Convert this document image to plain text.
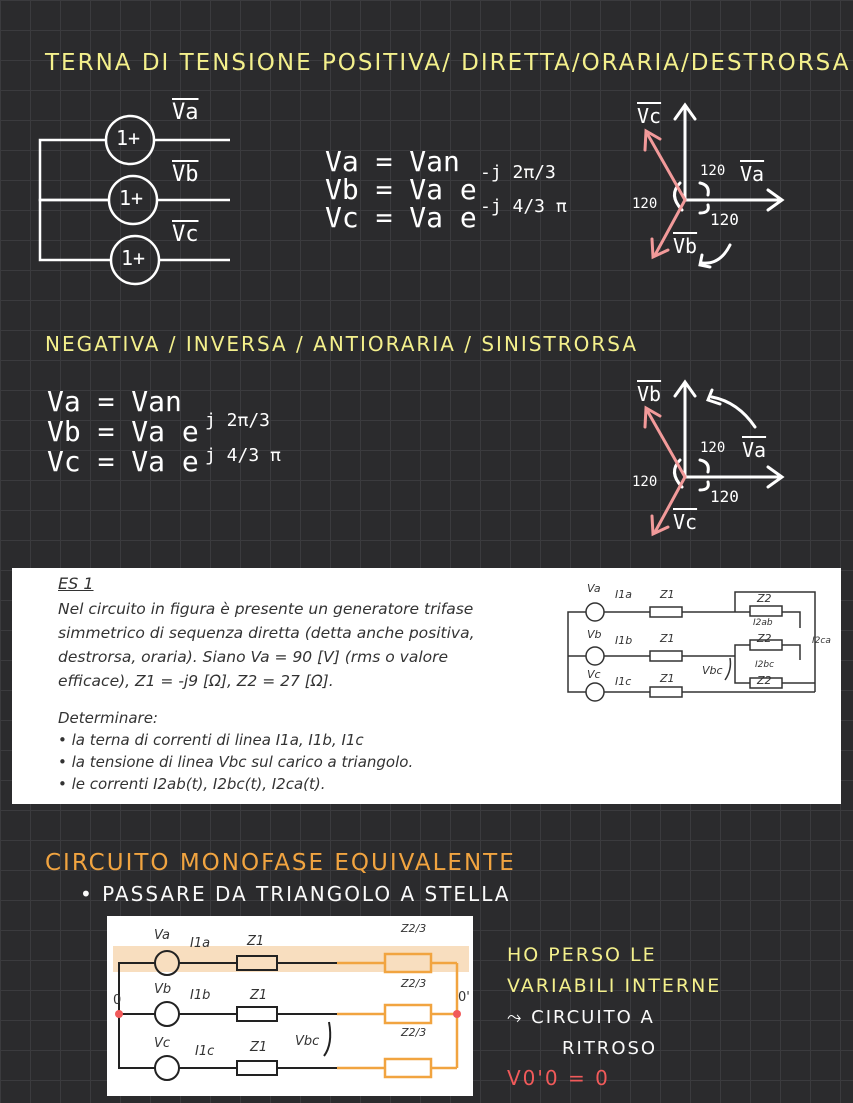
TERNA DI TENSIONE POSITIVA/ DIRETTA/ORARIA/DESTRORSA
1+
1+
1+
$\overline{Va}$
$\overline{Vb}$
$\overline{Vc}$
Va = Van
Vb = Va e
-j 2π/3
Vc = Va e -j 4/3 π
$\overline{Vc}$
$\overline{Va}$
$\overline{Vb}$
120
120
120
NEGATIVA / INVERSA / ANTIORARIA / SINISTRORSA
Va = Van
Vb = Va e j 2π/3
Vc = Va e j 4/3 π
$\overline{Vb}$
$\overline{Va}$
$\overline{Vc}$
120
120
120
ES 1
Nel circuito in figura è presente un generatore trifase
simmetrico di sequenza diretta (detta anche positiva,
destrorsa, oraria). Siano Va = 90 [V] (rms o valore
efficace), Z1 = -j9 [Ω], Z2 = 27 [Ω].
Determinare:
• la terna di correnti di linea I1a, I1b, I1c
• la tensione di linea Vbc sul carico a triangolo.
• le correnti I2ab(t), I2bc(t), I2ca(t).
Va I1a	Z1	Z2
I2ab
Vb I1b	Z1	Z2	I2ca
I2bc
Vbc
Vc
I1c	Z1	Z2
CIRCUITO MONOFASE EQUIVALENTE
• PASSARE DA TRIANGOLO A STELLA
Va
I1a	Z1
Z2/3
Vb I1b	Z1
Z2/3
Vc
I1c	Z1 Vbc
Z2/3
0	0'
HO PERSO LE
VARIABILI INTERNE
⤳ CIRCUITO A
RITROSO
V0'0 = 0
